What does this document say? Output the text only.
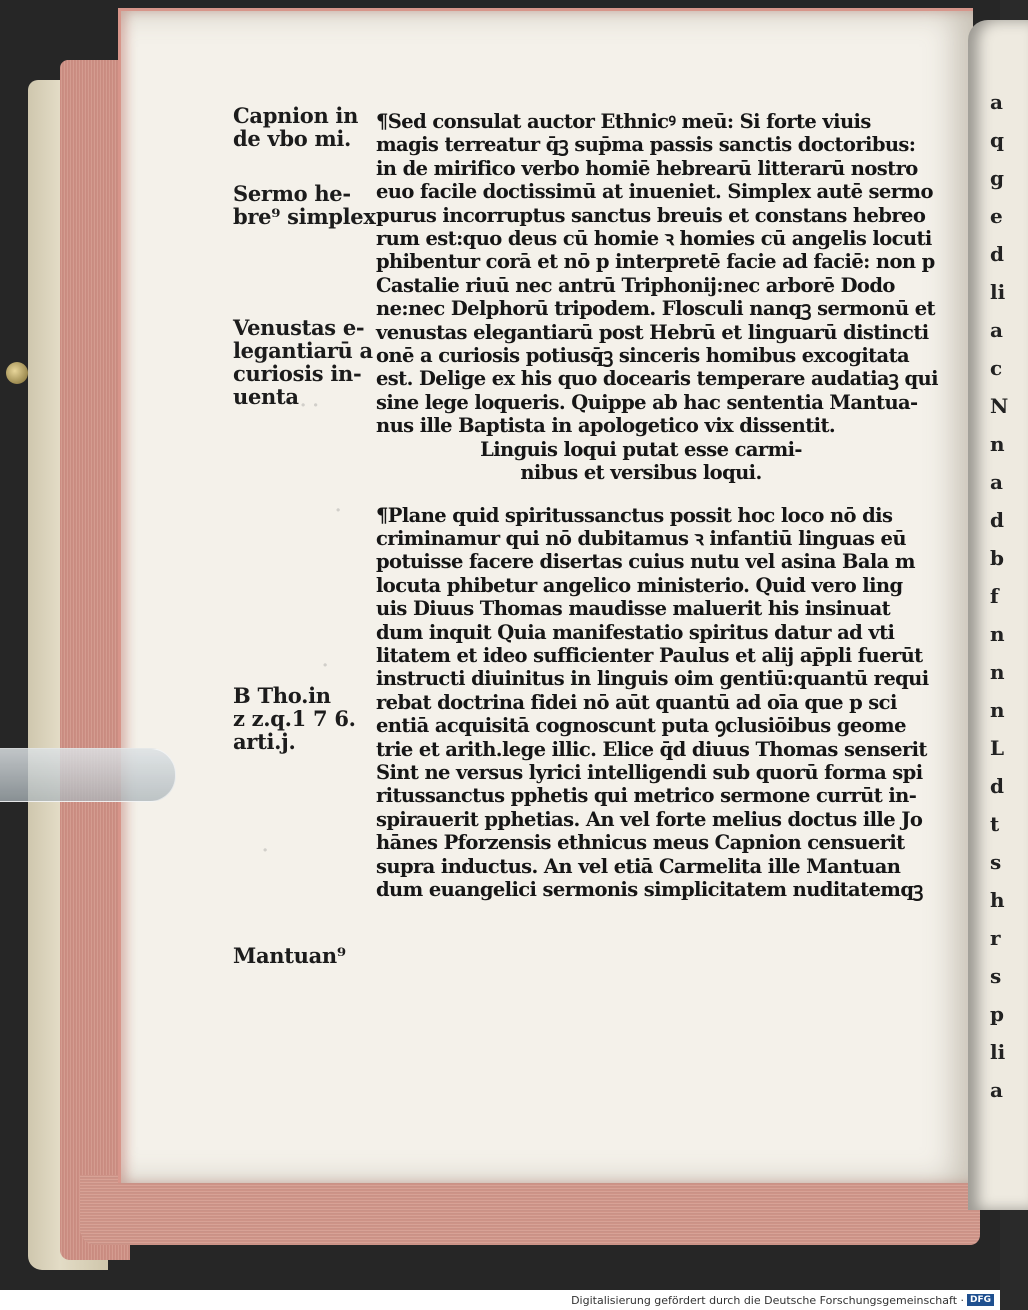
a
q
g
e
d
li
a
c
N
n
a
d
b
f
n
n
n
L
d
t
s
h
r
s
p
li
a
· ·
·
·
·
Capnion in
de vbo mi.
Sermo he-
bre⁹ simplex
Venustas e-
legantiarū a
curiosis in-
uenta
B Tho.in
z z.q.1 7 6.
arti.j.
Mantuan⁹
¶Sed consulat auctor Ethnicꝰ meū: Si forte viuis
magis terreatur q̄ꝫ sup̄ma passis sanctis doctoribus:
in de mirifico verbo homiē hebrearū litterarū nostro
euo facile doctissimū at inueniet. Simplex autē sermo
purus incorruptus sanctus breuis et constans hebreo
rum est:quo deus cū homie ꝛ homies cū angelis locuti
phibentur corā et nō p interpretē facie ad faciē: non p
Castalie riuū nec antrū Triphonij:nec arborē Dodo
ne:nec Delphorū tripodem. Flosculi nanqꝫ sermonū et
venustas elegantiarū post Hebrū et linguarū distincti
onē a curiosis potiusq̄ꝫ sinceris homibus excogitata
est. Delige ex his quo docearis temperare audatiaꝫ qui
sine lege loqueris. Quippe ab hac sententia Mantua-
nus ille Baptista in apologetico vix dissentit.
Linguis loqui putat esse carmi-
nibus et versibus loqui.
¶Plane quid spiritussanctus possit hoc loco nō dis
criminamur qui nō dubitamus ꝛ infantiū linguas eū
potuisse facere disertas cuius nutu vel asina Bala m
locuta phibetur angelico ministerio. Quid vero ling
uis Diuus Thomas maudisse maluerit his insinuat
dum inquit Quia manifestatio spiritus datur ad vti
litatem et ideo sufficienter Paulus et alij ap̄pli fuerūt
instructi diuinitus in linguis oim gentiū:quantū requi
rebat doctrina fidei nō aūt quantū ad oīa que p sci
entiā acquisitā cognoscunt puta ꝯclusiōibus geome
trie et arith.lege illic. Elice q̄d diuus Thomas senserit
Sint ne versus lyrici intelligendi sub quorū forma spi
ritussanctus pphetis qui metrico sermone currūt in-
spirauerit pphetias. An vel forte melius doctus ille Jo
hānes Pforzensis ethnicus meus Capnion censuerit
supra inductus. An vel etiā Carmelita ille Mantuan
dum euangelici sermonis simplicitatem nuditatemqꝫ
Digitalisierung gefördert durch die Deutsche Forschungsgemeinschaft · DFG
